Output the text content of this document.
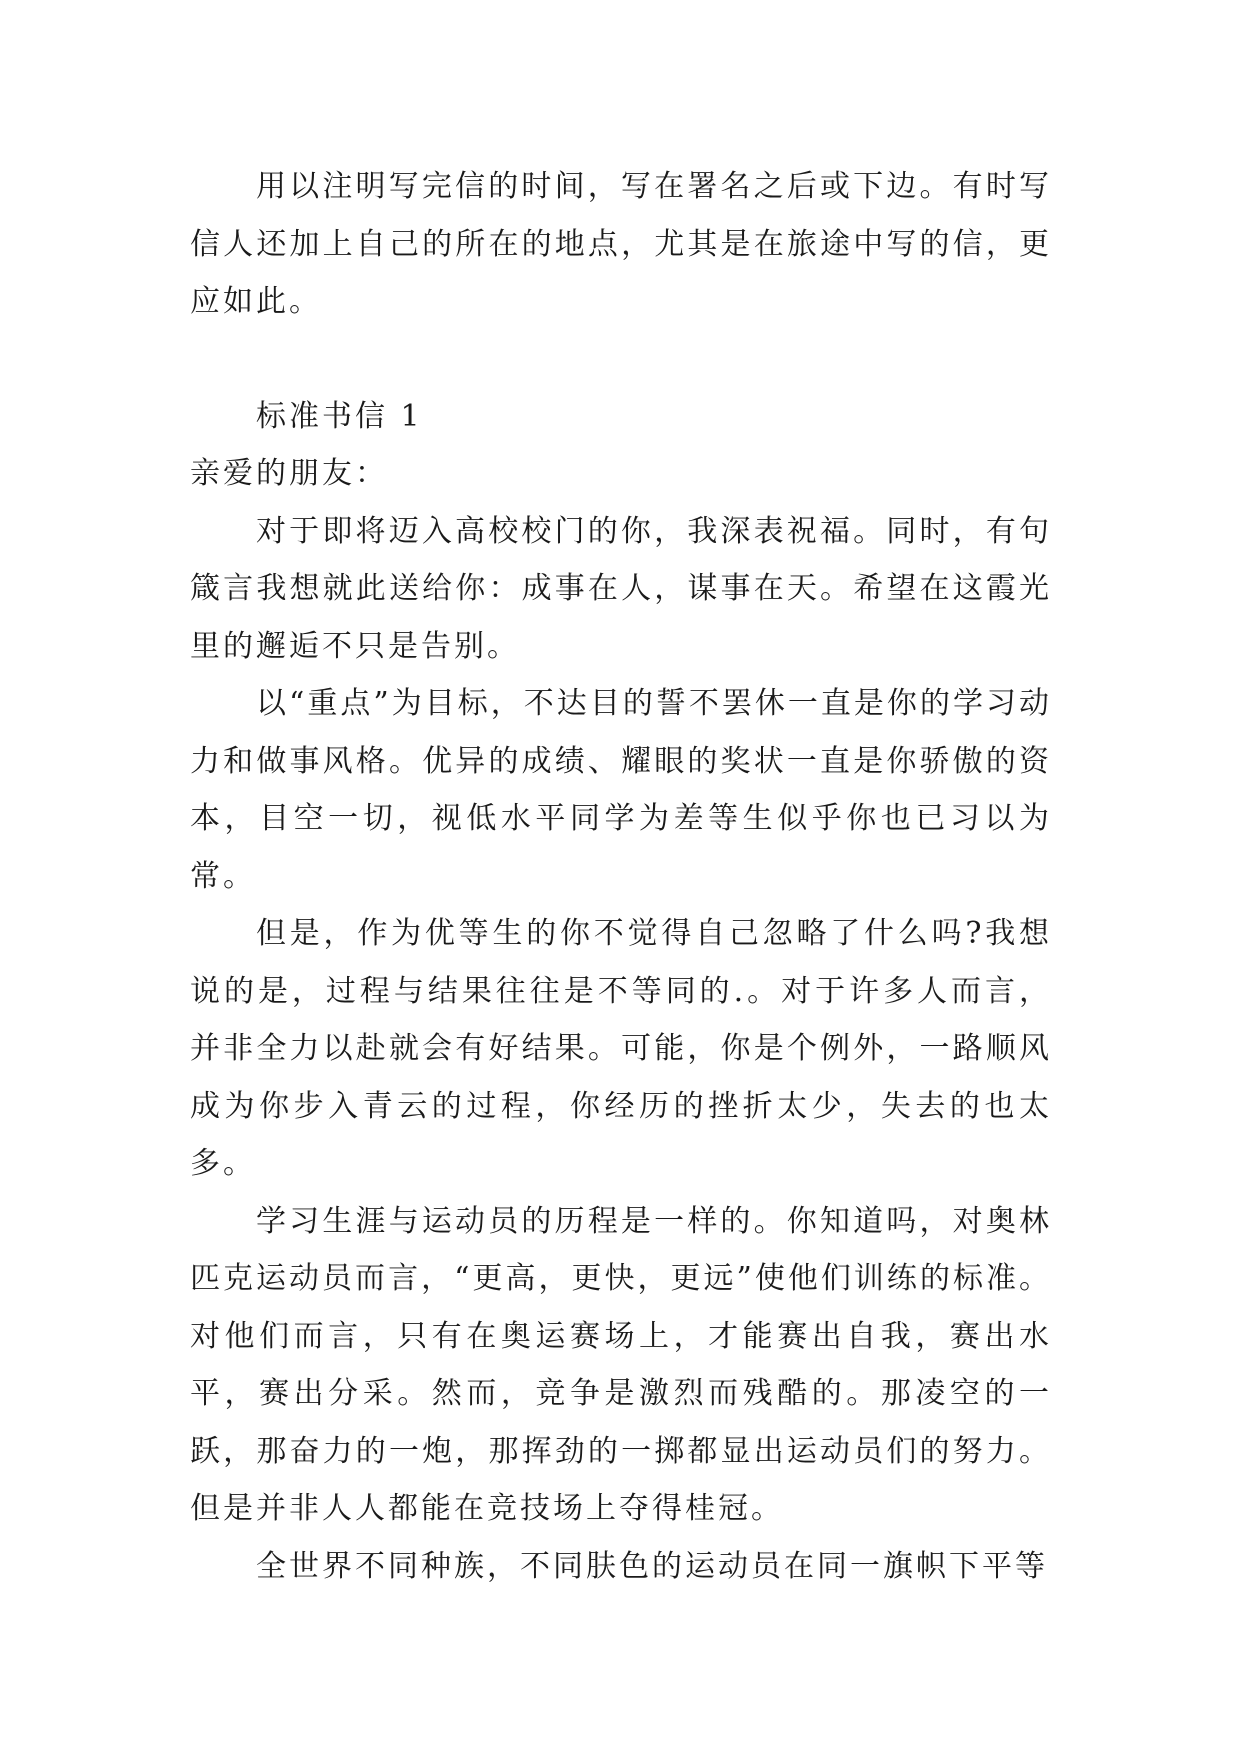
用以注明写完信的时间，写在署名之后或下边。有时写信人还加上自己的所在的地点，尤其是在旅途中写的信，更应如此。

标准书信 1

亲爱的朋友：

对于即将迈入高校校门的你，我深表祝福。同时，有句箴言我想就此送给你：成事在人，谋事在天。希望在这霞光里的邂逅不只是告别。

以“重点”为目标，不达目的誓不罢休一直是你的学习动力和做事风格。优异的成绩、耀眼的奖状一直是你骄傲的资本，目空一切，视低水平同学为差等生似乎你也已习以为常。

但是，作为优等生的你不觉得自己忽略了什么吗?我想说的是，过程与结果往往是不等同的.。对于许多人而言，并非全力以赴就会有好结果。可能，你是个例外，一路顺风成为你步入青云的过程，你经历的挫折太少，失去的也太多。

学习生涯与运动员的历程是一样的。你知道吗，对奥林匹克运动员而言，“更高，更快，更远”使他们训练的标准。对他们而言，只有在奥运赛场上，才能赛出自我，赛出水平，赛出分采。然而，竞争是激烈而残酷的。那凌空的一跃，那奋力的一炮，那挥劲的一掷都显出运动员们的努力。但是并非人人都能在竞技场上夺得桂冠。

全世界不同种族，不同肤色的运动员在同一旗帜下平等
